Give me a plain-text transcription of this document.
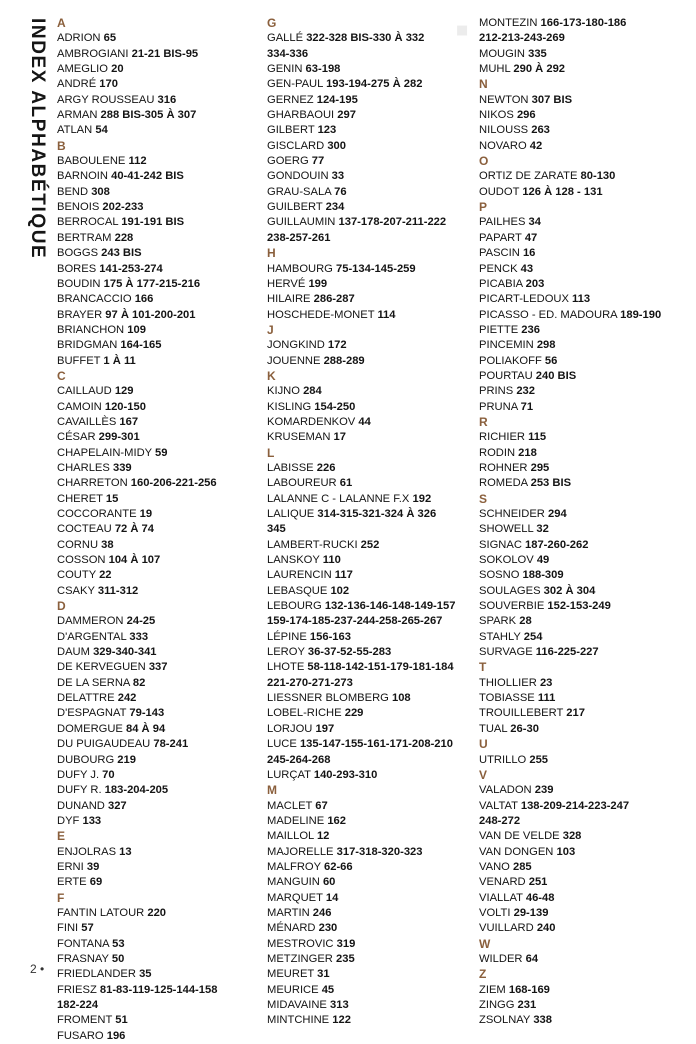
▪
INDEX ALPHABÉTIQUE A
ADRION 65
AMBROGIANI 21-21 BIS-95
AMEGLIO 20
ANDRÉ 170
ARGY ROUSSEAU 316
ARMAN 288 BIS-305 À 307
ATLAN 54
B
BABOULENE 112
BARNOIN 40-41-242 BIS
BEND 308
BENOIS 202-233
BERROCAL 191-191 BIS
BERTRAM 228
BOGGS 243 BIS
BORES 141-253-274
BOUDIN 175 À 177-215-216
BRANCACCIO 166
BRAYER 97 À 101-200-201
BRIANCHON 109
BRIDGMAN 164-165
BUFFET 1 À 11
C
CAILLAUD 129
CAMOIN 120-150
CAVAILLÈS 167
CÉSAR 299-301
CHAPELAIN-MIDY 59
CHARLES 339
CHARRETON 160-206-221-256
CHERET 15
COCCORANTE 19
COCTEAU 72 À 74
CORNU 38
COSSON 104 À 107
COUTY 22
CSAKY 311-312
D
DAMMERON 24-25
D'ARGENTAL 333
DAUM 329-340-341
DE KERVEGUEN 337
DE LA SERNA 82
DELATTRE 242
D'ESPAGNAT 79-143
DOMERGUE 84 À 94
DU PUIGAUDEAU 78-241
DUBOURG 219
DUFY J. 70
DUFY R. 183-204-205
DUNAND 327
DYF 133
E
ENJOLRAS 13
ERNI 39
ERTE 69
F
FANTIN LATOUR 220
FINI 57
FONTANA 53
FRASNAY 50
FRIEDLANDER 35
FRIESZ 81-83-119-125-144-158
182-224
FROMENT 51
FUSARO 196
G
GALLÉ 322-328 BIS-330 À 332
334-336
GENIN 63-198
GEN-PAUL 193-194-275 À 282
GERNEZ 124-195
GHARBAOUI 297
GILBERT 123
GISCLARD 300
GOERG 77
GONDOUIN 33
GRAU-SALA 76
GUILBERT 234
GUILLAUMIN 137-178-207-211-222
238-257-261
H
HAMBOURG 75-134-145-259
HERVÉ 199
HILAIRE 286-287
HOSCHEDE-MONET 114
J
JONGKIND 172
JOUENNE 288-289
K
KIJNO 284
KISLING 154-250
KOMARDENKOV 44
KRUSEMAN 17
L
LABISSE 226
LABOUREUR 61
LALANNE C - LALANNE F.X 192
LALIQUE 314-315-321-324 À 326
345
LAMBERT-RUCKI 252
LANSKOY 110
LAURENCIN 117
LEBASQUE 102
LEBOURG 132-136-146-148-149-157
159-174-185-237-244-258-265-267
LÉPINE 156-163
LEROY 36-37-52-55-283
LHOTE 58-118-142-151-179-181-184
221-270-271-273
LIESSNER BLOMBERG 108
LOBEL-RICHE 229
LORJOU 197
LUCE 135-147-155-161-171-208-210
245-264-268
LURÇAT 140-293-310
M
MACLET 67
MADELINE 162
MAILLOL 12
MAJORELLE 317-318-320-323
MALFROY 62-66
MANGUIN 60
MARQUET 14
MARTIN 246
MÉNARD 230
MESTROVIC 319
METZINGER 235
MEURET 31
MEURICE 45
MIDAVAINE 313
MINTCHINE 122
MONTEZIN 166-173-180-186
212-213-243-269
MOUGIN 335
MUHL 290 À 292
N
NEWTON 307 BIS
NIKOS 296
NILOUSS 263
NOVARO 42
O
ORTIZ DE ZARATE 80-130
OUDOT 126 À 128 - 131
P
PAILHES 34
PAPART 47
PASCIN 16
PENCK 43
PICABIA 203
PICART-LEDOUX 113
PICASSO - ED. MADOURA 189-190
PIETTE 236
PINCEMIN 298
POLIAKOFF 56
POURTAU 240 BIS
PRINS 232
PRUNA 71
R
RICHIER 115
RODIN 218
ROHNER 295
ROMEDA 253 BIS
S
SCHNEIDER 294
SHOWELL 32
SIGNAC 187-260-262
SOKOLOV 49
SOSNO 188-309
SOULAGES 302 À 304
SOUVERBIE 152-153-249
SPARK 28
STAHLY 254
SURVAGE 116-225-227
T
THIOLLIER 23
TOBIASSE 111
TROUILLEBERT 217
TUAL 26-30
U
UTRILLO 255
V
VALADON 239
VALTAT 138-209-214-223-247
248-272
VAN DE VELDE 328
VAN DONGEN 103
VANO 285
VENARD 251
VIALLAT 46-48
VOLTI 29-139
VUILLARD 240
W
WILDER 64
Z
ZIEM 168-169
ZINGG 231
ZSOLNAY 338
2 •
